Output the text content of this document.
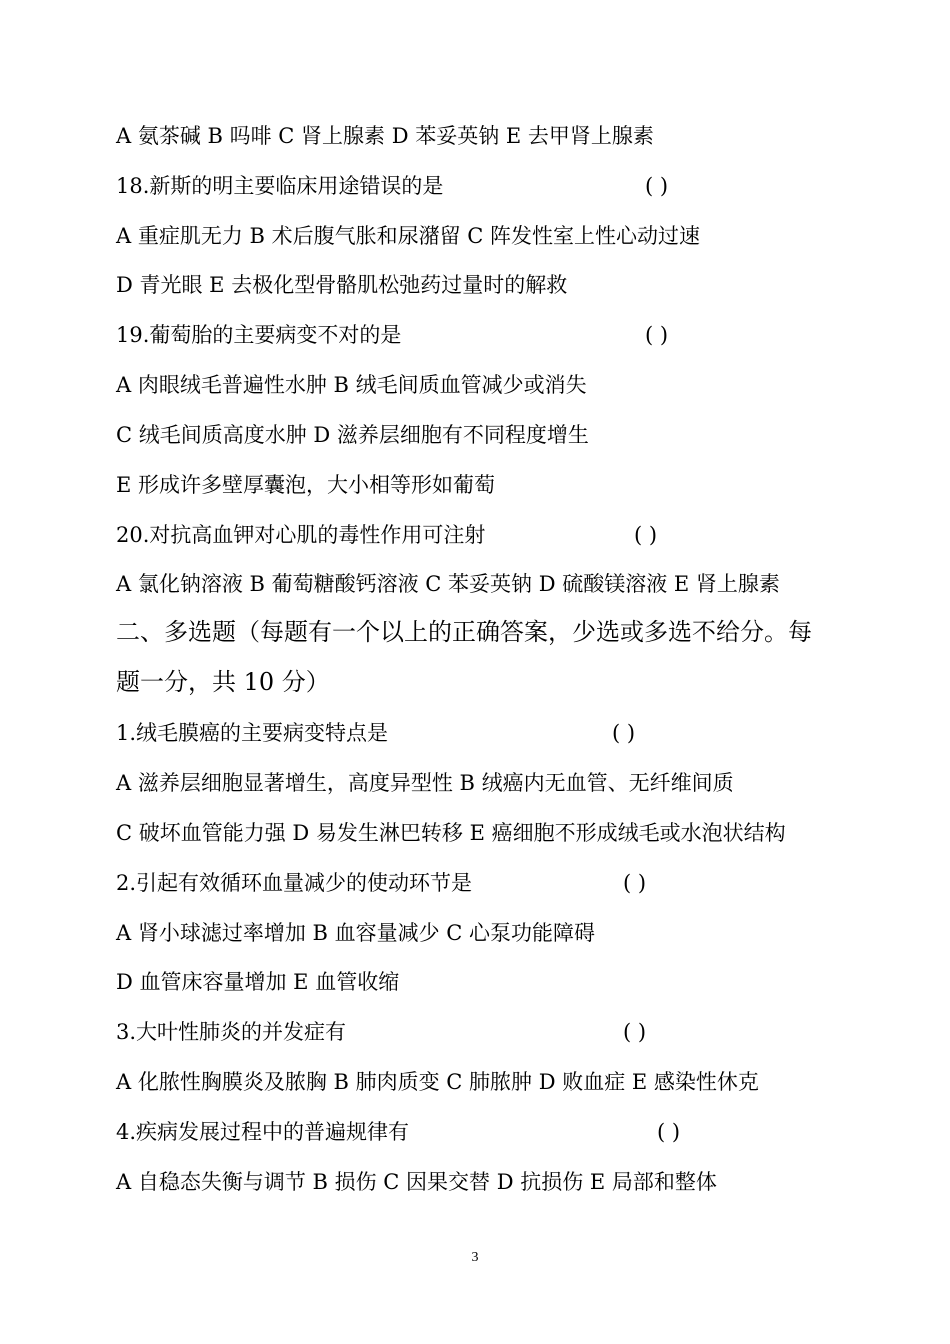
A 氨茶碱 B 吗啡 C 肾上腺素 D 苯妥英钠 E 去甲肾上腺素
18.新斯的明主要临床用途错误的是	( )
A 重症肌无力 B 术后腹气胀和尿潴留 C 阵发性室上性心动过速
D 青光眼 E 去极化型骨骼肌松弛药过量时的解救
19.葡萄胎的主要病变不对的是	( )
A 肉眼绒毛普遍性水肿 B 绒毛间质血管减少或消失
C 绒毛间质高度水肿 D 滋养层细胞有不同程度增生
E 形成许多壁厚囊泡，大小相等形如葡萄
20.对抗高血钾对心肌的毒性作用可注射	( )
A 氯化钠溶液 B 葡萄糖酸钙溶液 C 苯妥英钠 D 硫酸镁溶液 E 肾上腺素
二、多选题（每题有一个以上的正确答案，少选或多选不给分。每
题一分，共 10 分）
1.绒毛膜癌的主要病变特点是	( )
A 滋养层细胞显著增生，高度异型性 B 绒癌内无血管、无纤维间质
C 破坏血管能力强 D 易发生淋巴转移 E 癌细胞不形成绒毛或水泡状结构
2.引起有效循环血量减少的使动环节是	( )
A 肾小球滤过率增加 B 血容量减少 C 心泵功能障碍
D 血管床容量增加 E 血管收缩
3.大叶性肺炎的并发症有	( )
A 化脓性胸膜炎及脓胸 B 肺肉质变 C 肺脓肿 D 败血症 E 感染性休克
4.疾病发展过程中的普遍规律有	( )
A 自稳态失衡与调节 B 损伤 C 因果交替 D 抗损伤 E 局部和整体
3
